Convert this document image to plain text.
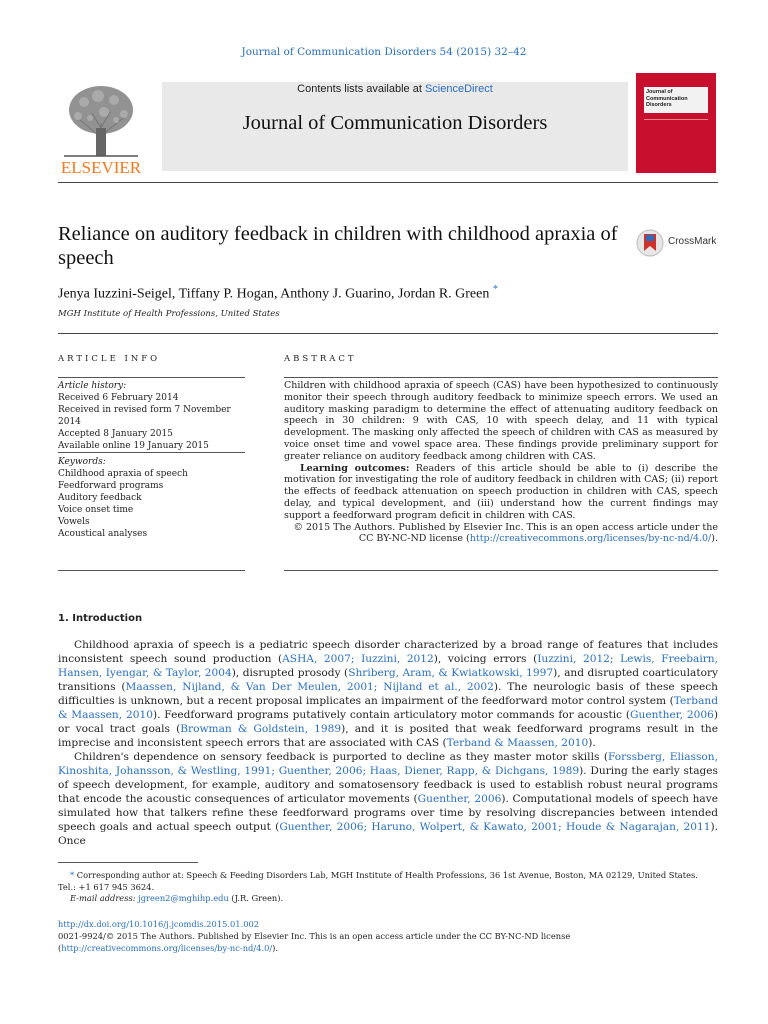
Journal of Communication Disorders 54 (2015) 32–42
ELSEVIER
Contents lists available at ScienceDirect
Journal of Communication Disorders
Journal of
Communication
Disorders
Reliance on auditory feedback in children with childhood apraxia of speech
CrossMark
Jenya Iuzzini-Seigel, Tiffany P. Hogan, Anthony J. Guarino, Jordan R. Green *
MGH Institute of Health Professions, United States
ARTICLE INFO	ABSTRACT
Article history:
Received 6 February 2014
Received in revised form 7 November 2014
Accepted 8 January 2015
Available online 19 January 2015
Keywords:
Childhood apraxia of speech
Feedforward programs
Auditory feedback
Voice onset time
Vowels
Acoustical analyses

Children with childhood apraxia of speech (CAS) have been hypothesized to continuously monitor their speech through auditory feedback to minimize speech errors. We used an auditory masking paradigm to determine the effect of attenuating auditory feedback on speech in 30 children: 9 with CAS, 10 with speech delay, and 11 with typical development. The masking only affected the speech of children with CAS as measured by voice onset time and vowel space area. These findings provide preliminary support for greater reliance on auditory feedback among children with CAS.

Learning outcomes: Readers of this article should be able to (i) describe the motivation for investigating the role of auditory feedback in children with CAS; (ii) report the effects of feedback attenuation on speech production in children with CAS, speech delay, and typical development, and (iii) understand how the current findings may support a feedforward program deficit in children with CAS.

© 2015 The Authors. Published by Elsevier Inc. This is an open access article under the CC BY-NC-ND license (http://creativecommons.org/licenses/by-nc-nd/4.0/).

1. Introduction

Childhood apraxia of speech is a pediatric speech disorder characterized by a broad range of features that includes inconsistent speech sound production (ASHA, 2007; Iuzzini, 2012), voicing errors (Iuzzini, 2012; Lewis, Freebairn, Hansen, Iyengar, & Taylor, 2004), disrupted prosody (Shriberg, Aram, & Kwiatkowski, 1997), and disrupted coarticulatory transitions (Maassen, Nijland, & Van Der Meulen, 2001; Nijland et al., 2002). The neurologic basis of these speech difficulties is unknown, but a recent proposal implicates an impairment of the feedforward motor control system (Terband & Maassen, 2010). Feedforward programs putatively contain articulatory motor commands for acoustic (Guenther, 2006) or vocal tract goals (Browman & Goldstein, 1989), and it is posited that weak feedforward programs result in the imprecise and inconsistent speech errors that are associated with CAS (Terband & Maassen, 2010).

Children's dependence on sensory feedback is purported to decline as they master motor skills (Forssberg, Eliasson, Kinoshita, Johansson, & Westling, 1991; Guenther, 2006; Haas, Diener, Rapp, & Dichgans, 1989). During the early stages of speech development, for example, auditory and somatosensory feedback is used to establish robust neural programs that encode the acoustic consequences of articulator movements (Guenther, 2006). Computational models of speech have simulated how that talkers refine these feedforward programs over time by resolving discrepancies between intended speech goals and actual speech output (Guenther, 2006; Haruno, Wolpert, & Kawato, 2001; Houde & Nagarajan, 2011). Once

* Corresponding author at: Speech & Feeding Disorders Lab, MGH Institute of Health Professions, 36 1st Avenue, Boston, MA 02129, United States. Tel.: +1 617 945 3624.
E-mail address: jgreen2@mghihp.edu (J.R. Green).
http://dx.doi.org/10.1016/j.jcomdis.2015.01.002
0021-9924/© 2015 The Authors. Published by Elsevier Inc. This is an open access article under the CC BY-NC-ND license (http://creativecommons.org/licenses/by-nc-nd/4.0/).
